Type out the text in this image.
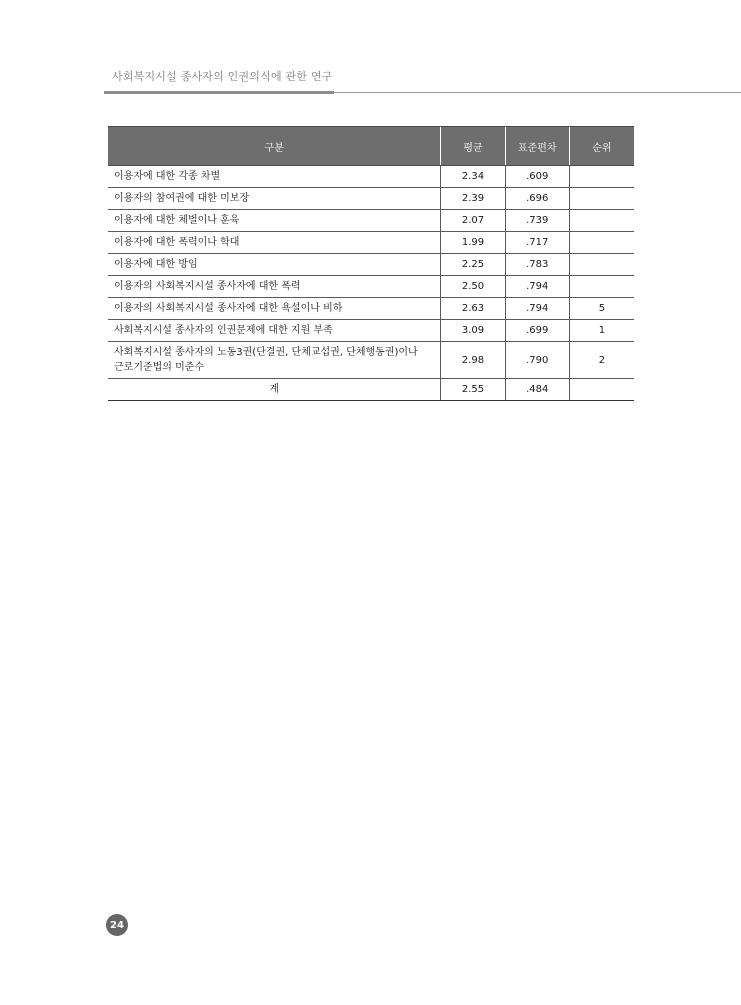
사회복지시설 종사자의 인권의식에 관한 연구
구분	평균	표준편차	순위
이용자에 대한 각종 차별	2.34	.609	
이용자의 참여권에 대한 미보장	2.39	.696	
이용자에 대한 체벌이나 훈육	2.07	.739	
이용자에 대한 폭력이나 학대	1.99	.717	
이용자에 대한 방임	2.25	.783	
이용자의 사회복지시설 종사자에 대한 폭력	2.50	.794	
이용자의 사회복지시설 종사자에 대한 욕설이나 비하	2.63	.794	5
사회복지시설 종사자의 인권문제에 대한 지원 부족	3.09	.699	1
사회복지시설 종사자의 노동3권(단결권, 단체교섭권, 단체행동권)이나
근로기준법의 미준수	2.98	.790	2
계	2.55	.484	
24
